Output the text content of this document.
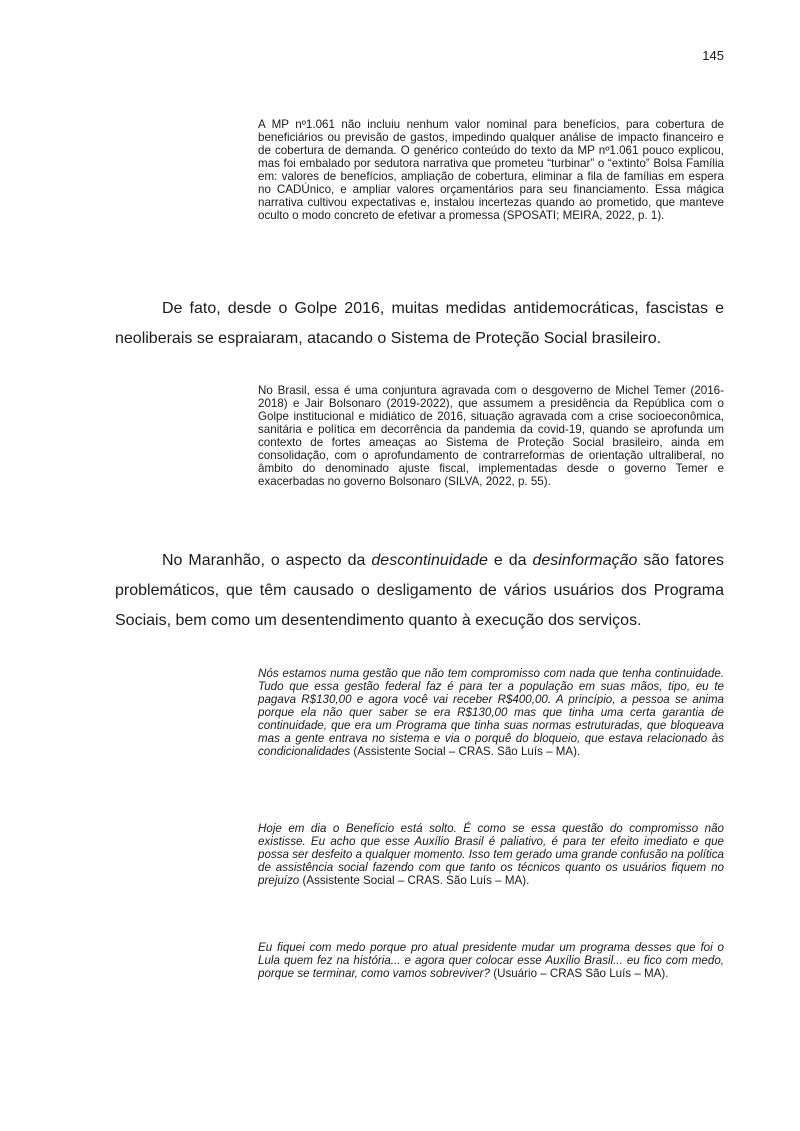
145

A MP nº1.061 não incluiu nenhum valor nominal para benefícios, para cobertura de beneficiários ou previsão de gastos, impedindo qualquer análise de impacto financeiro e de cobertura de demanda. O genérico conteúdo do texto da MP nº1.061 pouco explicou, mas foi embalado por sedutora narrativa que prometeu “turbinar” o “extinto” Bolsa Família em: valores de benefícios, ampliação de cobertura, eliminar a fila de famílias em espera no CADÚnico, e ampliar valores orçamentários para seu financiamento. Essa mágica narrativa cultivou expectativas e, instalou incertezas quando ao prometido, que manteve oculto o modo concreto de efetivar a promessa (SPOSATI; MEIRA, 2022, p. 1).

De fato, desde o Golpe 2016, muitas medidas antidemocráticas, fascistas e neoliberais se espraiaram, atacando o Sistema de Proteção Social brasileiro.

No Brasil, essa é uma conjuntura agravada com o desgoverno de Michel Temer (2016-2018) e Jair Bolsonaro (2019-2022), que assumem a presidência da República com o Golpe institucional e midiático de 2016, situação agravada com a crise socioeconômica, sanitária e política em decorrência da pandemia da covid-19, quando se aprofunda um contexto de fortes ameaças ao Sistema de Proteção Social brasileiro, ainda em consolidação, com o aprofundamento de contrarreformas de orientação ultraliberal, no âmbito do denominado ajuste fiscal, implementadas desde o governo Temer e exacerbadas no governo Bolsonaro (SILVA, 2022, p. 55).

No Maranhão, o aspecto da descontinuidade e da desinformação são fatores problemáticos, que têm causado o desligamento de vários usuários dos Programa Sociais, bem como um desentendimento quanto à execução dos serviços.

Nós estamos numa gestão que não tem compromisso com nada que tenha continuidade. Tudo que essa gestão federal faz é para ter a população em suas mãos, tipo, eu te pagava R$130,00 e agora você vai receber R$400,00. A princípio, a pessoa se anima porque ela não quer saber se era R$130,00 mas que tinha uma certa garantia de continuidade, que era um Programa que tinha suas normas estruturadas, que bloqueava mas a gente entrava no sistema e via o porquê do bloqueio, que estava relacionado às condicionalidades (Assistente Social – CRAS. São Luís – MA).

Hoje em dia o Benefício está solto. É como se essa questão do compromisso não existisse. Eu acho que esse Auxílio Brasil é paliativo, é para ter efeito imediato e que possa ser desfeito a qualquer momento. Isso tem gerado uma grande confusão na política de assistência social fazendo com que tanto os técnicos quanto os usuários fiquem no prejuízo (Assistente Social – CRAS. São Luís – MA).

Eu fiquei com medo porque pro atual presidente mudar um programa desses que foi o Lula quem fez na história... e agora quer colocar esse Auxílio Brasil... eu fico com medo, porque se terminar, como vamos sobreviver? (Usuário – CRAS São Luís – MA).
